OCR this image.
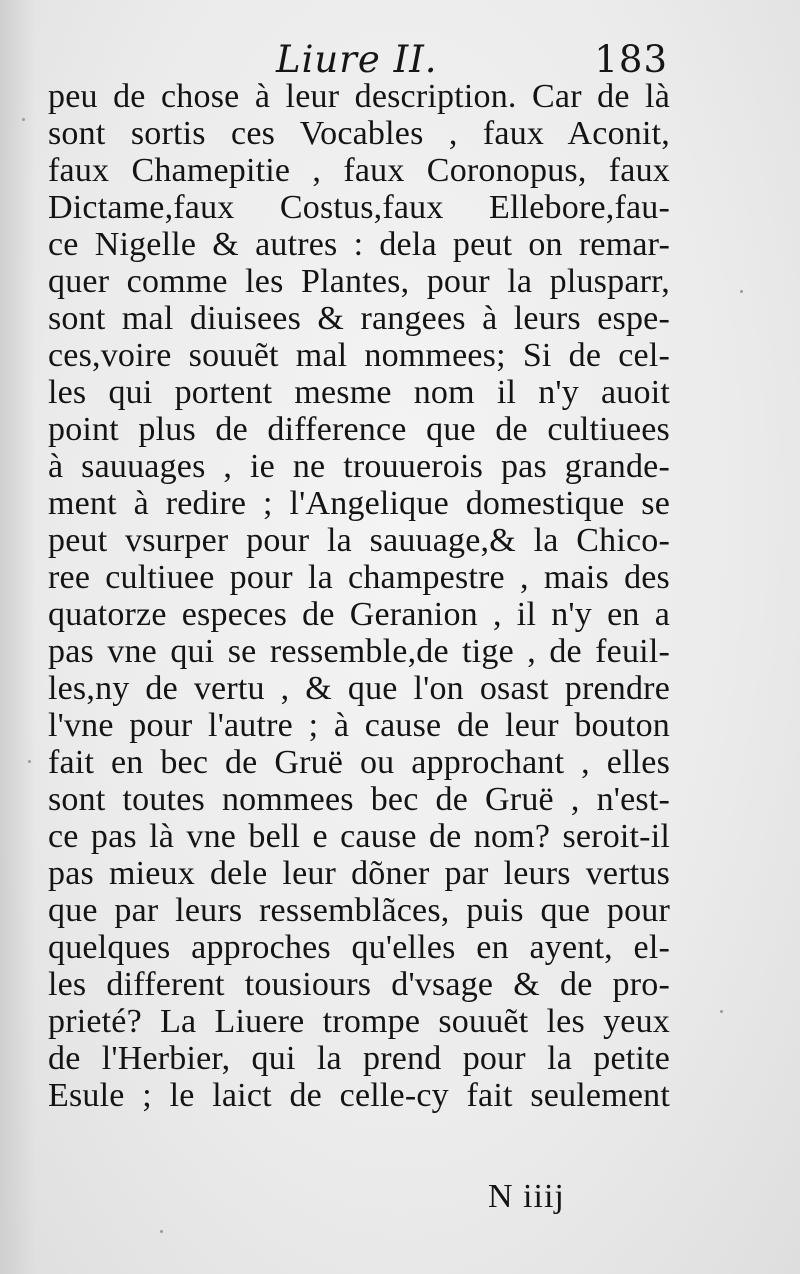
Liure II.	183
peu de chose à leur description. Car de là
sont sortis ces Vocables , faux Aconit,
faux Chamepitie , faux Coronopus, faux
Dictame,faux Costus,faux Ellebore,fau-
ce Nigelle & autres : dela peut on remar-
quer comme les Plantes, pour la plusparr,
sont mal diuisees & rangees à leurs espe-
ces,voire souuẽt mal nommees; Si de cel-
les qui portent mesme nom il n'y auoit
point plus de difference que de cultiuees
à sauuages , ie ne trouuerois pas grande-
ment à redire ; l'Angelique domestique se
peut vsurper pour la sauuage,& la Chico-
ree cultiuee pour la champestre , mais des
quatorze especes de Geranion , il n'y en a
pas vne qui se ressemble,de tige , de feuil-
les,ny de vertu , & que l'on osast prendre
l'vne pour l'autre ; à cause de leur bouton
fait en bec de Gruë ou approchant , elles
sont toutes nommees bec de Gruë , n'est-
ce pas là vne bell e cause de nom? seroit-il
pas mieux dele leur dõner par leurs vertus
que par leurs ressemblãces, puis que pour
quelques approches qu'elles en ayent, el-
les different tousiours d'vsage & de pro-
prieté? La Liuere trompe souuẽt les yeux
de l'Herbier, qui la prend pour la petite
Esule ; le laict de celle-cy fait seulement
N iiij
